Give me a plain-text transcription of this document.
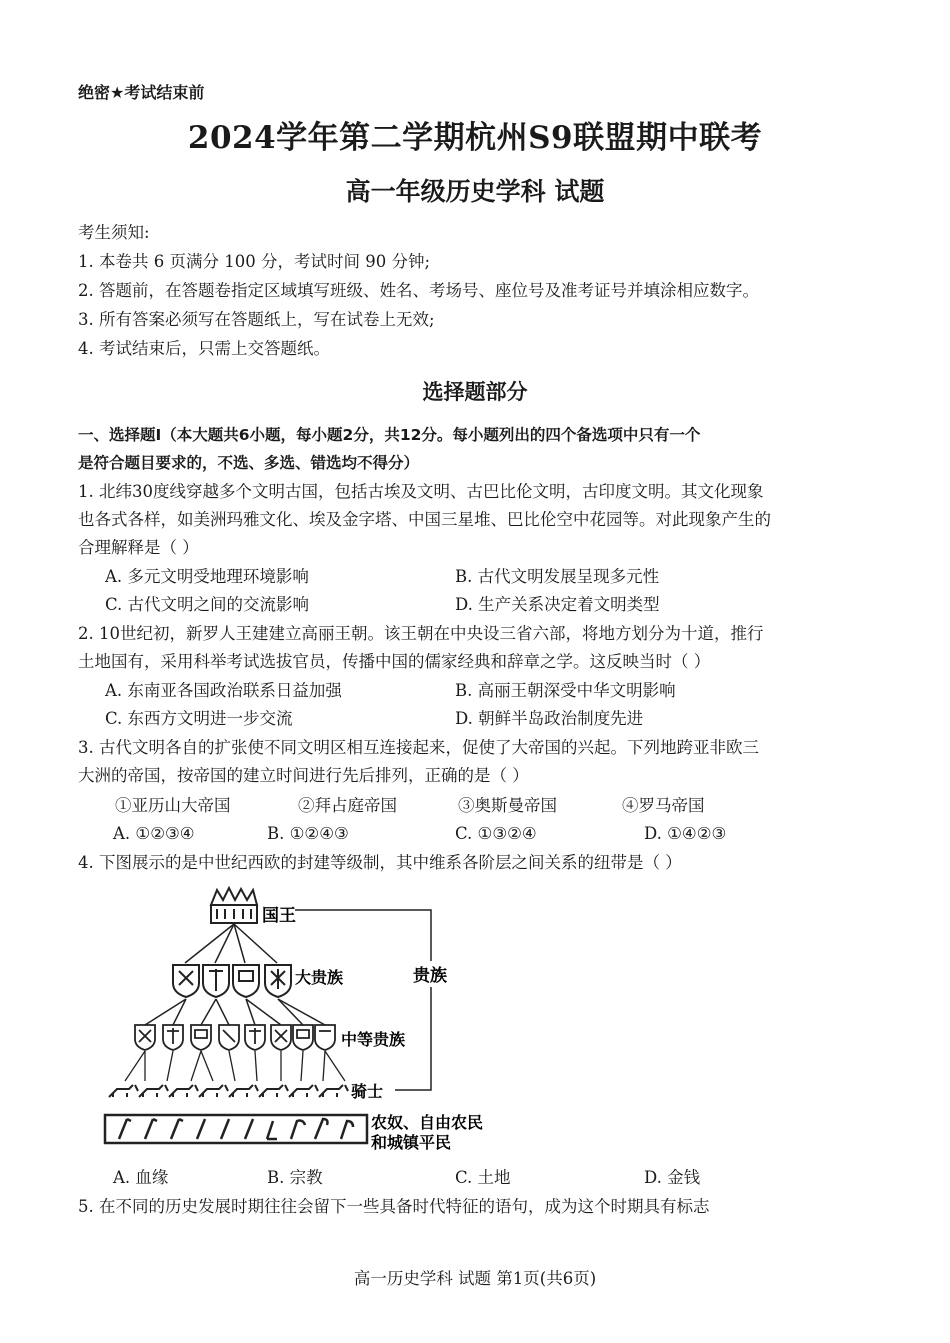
绝密★考试结束前
2024学年第二学期杭州S9联盟期中联考
高一年级历史学科 试题
考生须知:
1. 本卷共 6 页满分 100 分，考试时间 90 分钟;
2. 答题前，在答题卷指定区域填写班级、姓名、考场号、座位号及准考证号并填涂相应数字。
3. 所有答案必须写在答题纸上，写在试卷上无效;
4. 考试结束后，只需上交答题纸。
选择题部分
一、选择题Ⅰ（本大题共6小题，每小题2分，共12分。每小题列出的四个备选项中只有一个
是符合题目要求的，不选、多选、错选均不得分）
1. 北纬30度线穿越多个文明古国，包括古埃及文明、古巴比伦文明，古印度文明。其文化现象
也各式各样，如美洲玛雅文化、埃及金字塔、中国三星堆、巴比伦空中花园等。对此现象产生的
合理解释是（ ）
A. 多元文明受地理环境影响	B. 古代文明发展呈现多元性
C. 古代文明之间的交流影响	D. 生产关系决定着文明类型
2. 10世纪初，新罗人王建建立高丽王朝。该王朝在中央设三省六部，将地方划分为十道，推行
土地国有，采用科举考试选拔官员，传播中国的儒家经典和辞章之学。这反映当时（ ）
A. 东南亚各国政治联系日益加强	B. 高丽王朝深受中华文明影响
C. 东西方文明进一步交流	D. 朝鲜半岛政治制度先进
3. 古代文明各自的扩张使不同文明区相互连接起来，促使了大帝国的兴起。下列地跨亚非欧三
大洲的帝国，按帝国的建立时间进行先后排列，正确的是（ ）
①亚历山大帝国	②拜占庭帝国	③奥斯曼帝国	④罗马帝国
A. ①②③④	B. ①②④③	C. ①③②④	D. ①④②③
4. 下图展示的是中世纪西欧的封建等级制，其中维系各阶层之间关系的纽带是（ ）
国王
大贵族
中等贵族
骑士
农奴、自由农民
和城镇平民
贵族
A. 血缘	B. 宗教	C. 土地	D. 金钱
5. 在不同的历史发展时期往往会留下一些具备时代特征的语句，成为这个时期具有标志
高一历史学科 试题 第1页(共6页)
